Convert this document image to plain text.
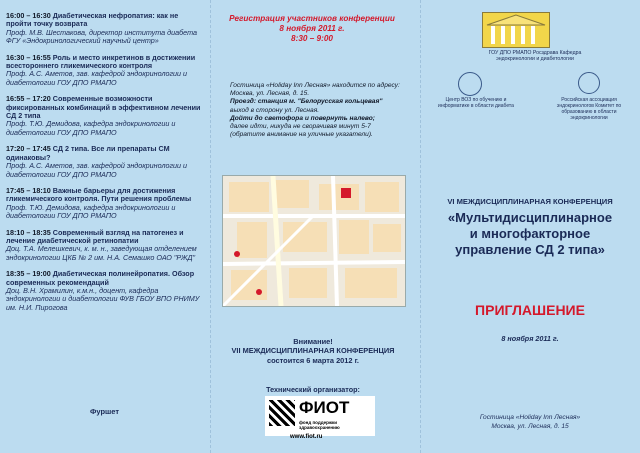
16:00 – 16:30 Диабетическая нефропатия: как не пройти точку возврата
Проф. М.В. Шестакова, директор института диабета ФГУ «Эндокринологический научный центр»
16:30 – 16:55 Роль и место инкретинов в достижении всестороннего гликемического контроля
Проф. А.С. Аметов, зав. кафедрой эндокринологии и диабетологии ГОУ ДПО РМАПО
16:55 – 17:20 Современные возможности фиксированных комбинаций в эффективном лечении СД 2 типа
Проф. Т.Ю. Демидова, кафедра эндокринологии и диабетологии ГОУ ДПО РМАПО
17:20 – 17:45 СД 2 типа. Все ли препараты СМ одинаковы?
Проф. А.С. Аметов, зав. кафедрой эндокринологии и диабетологии ГОУ ДПО РМАПО
17:45 – 18:10 Важные барьеры для достижения гликемического контроля. Пути решения проблемы
Проф. Т.Ю. Демидова, кафедра эндокринологии и диабетологии ГОУ ДПО РМАПО
18:10 – 18:35 Современный взгляд на патогенез и лечение диабетической ретинопатии
Доц. Т.А. Мелешкевич, к. м. н., заведующая отделением эндокринологии ЦКБ № 2 им. Н.А. Семашко ОАО "РЖД"
18:35 – 19:00 Диабетическая полинейропатия. Обзор современных рекомендаций
Доц. В.Н. Храмилин, к.м.н., доцент, кафедра эндокринологии и диабетологии ФУВ ГБОУ ВПО РНИМУ им. Н.И. Пирогова
Фуршет
Регистрация участников конференции
8 ноября 2011 г.
8:30 – 9:00
Гостиница «Holiday Inn Лесная» находится по адресу:
Москва, ул. Лесная, д. 15.
Проезд: станция м. "Белорусская кольцевая"
выход в сторону ул. Лесная.
Дойти до светофора и повернуть налево;
далее идти, никуда не сворачивая минут 5-7
(обратите внимание на уличные указатели).
Внимание!
VII МЕЖДИСЦИПЛИНАРНАЯ КОНФЕРЕНЦИЯ
состоится 6 марта 2012 г.
Технический организатор:
ФИОТ
фонд поддержки здравоохранению
www.fiot.ru
ГОУ ДПО РМАПО Росздрава Кафедра эндокринологии и диабетологии
Центр ВОЗ по обучению и информатике в области диабета
Российская ассоциация эндокринологов Комитет по образованию в области эндокринологии
VI МЕЖДИСЦИПЛИНАРНАЯ КОНФЕРЕНЦИЯ
«Мультидисциплинарное
и многофакторное
управление СД 2 типа»
ПРИГЛАШЕНИЕ
8 ноября 2011 г.
Гостиница «Holiday Inn Лесная»
Москва, ул. Лесная, д. 15
